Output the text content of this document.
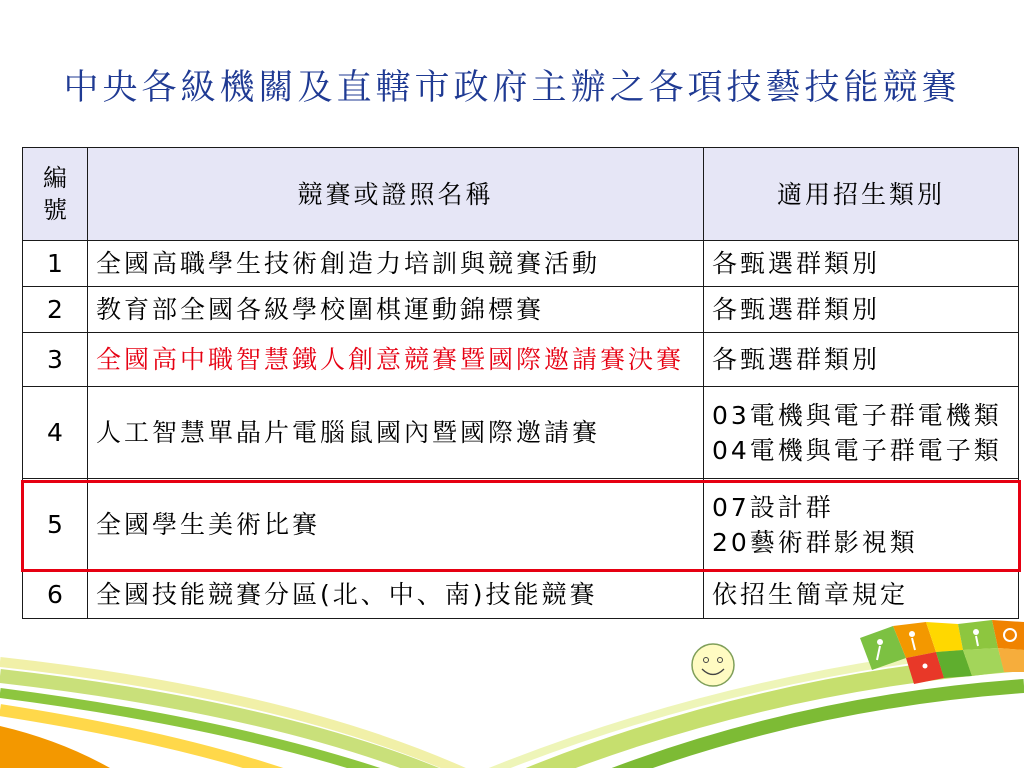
中央各級機關及直轄市政府主辦之各項技藝技能競賽
編號	競賽或證照名稱	適用招生類別
1	全國高職學生技術創造力培訓與競賽活動	各甄選群類別

2	教育部全國各級學校圍棋運動錦標賽	各甄選群類別

3	全國高中職智慧鐵人創意競賽暨國際邀請賽決賽	各甄選群類別

4	人工智慧單晶片電腦鼠國內暨國際邀請賽	03電機與電子群電機類
04電機與電子群電子類

5	全國學生美術比賽	07設計群
20藝術群影視類

6	全國技能競賽分區(北、中、南)技能競賽	依招生簡章規定
